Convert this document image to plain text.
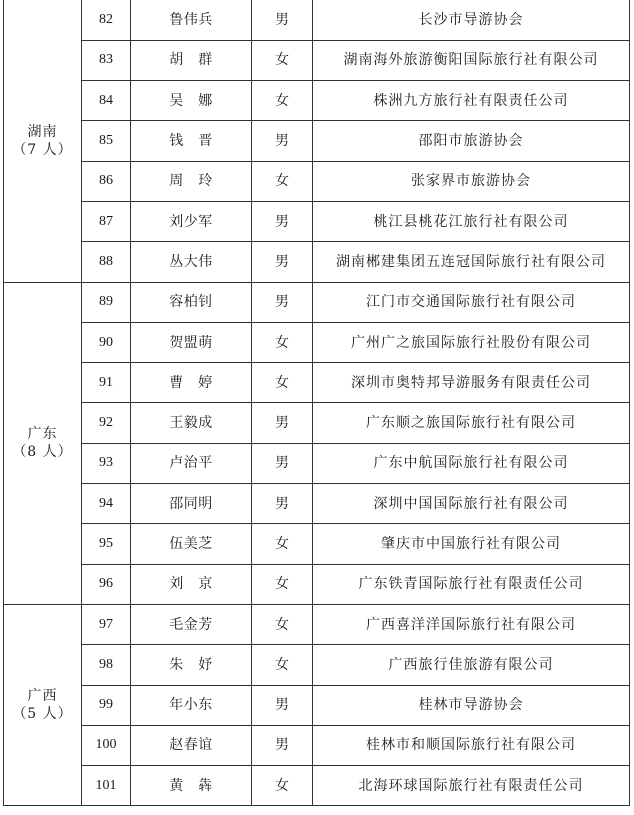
湖南
（7 人）	82	鲁伟兵	男	长沙市导游协会
	83	胡　群	女	湖南海外旅游衡阳国际旅行社有限公司
	84	吴　娜	女	株洲九方旅行社有限责任公司
	85	钱　晋	男	邵阳市旅游协会
	86	周　玲	女	张家界市旅游协会
	87	刘少军	男	桃江县桃花江旅行社有限公司
	88	丛大伟	男	湖南郴建集团五连冠国际旅行社有限公司

广东
（8 人）	89	容柏钊	男	江门市交通国际旅行社有限公司
	90	贺盟萌	女	广州广之旅国际旅行社股份有限公司
	91	曹　婷	女	深圳市奥特邦导游服务有限责任公司
	92	王毅成	男	广东顺之旅国际旅行社有限公司
	93	卢治平	男	广东中航国际旅行社有限公司
	94	邵同明	男	深圳中国国际旅行社有限公司
	95	伍美芝	女	肇庆市中国旅行社有限公司
	96	刘　京	女	广东铁青国际旅行社有限责任公司

广西
（5 人）	97	毛金芳	女	广西喜洋洋国际旅行社有限公司
	98	朱　妤	女	广西旅行佳旅游有限公司
	99	年小东	男	桂林市导游协会
	100	赵春谊	男	桂林市和顺国际旅行社有限公司
	101	黄　犇	女	北海环球国际旅行社有限责任公司
